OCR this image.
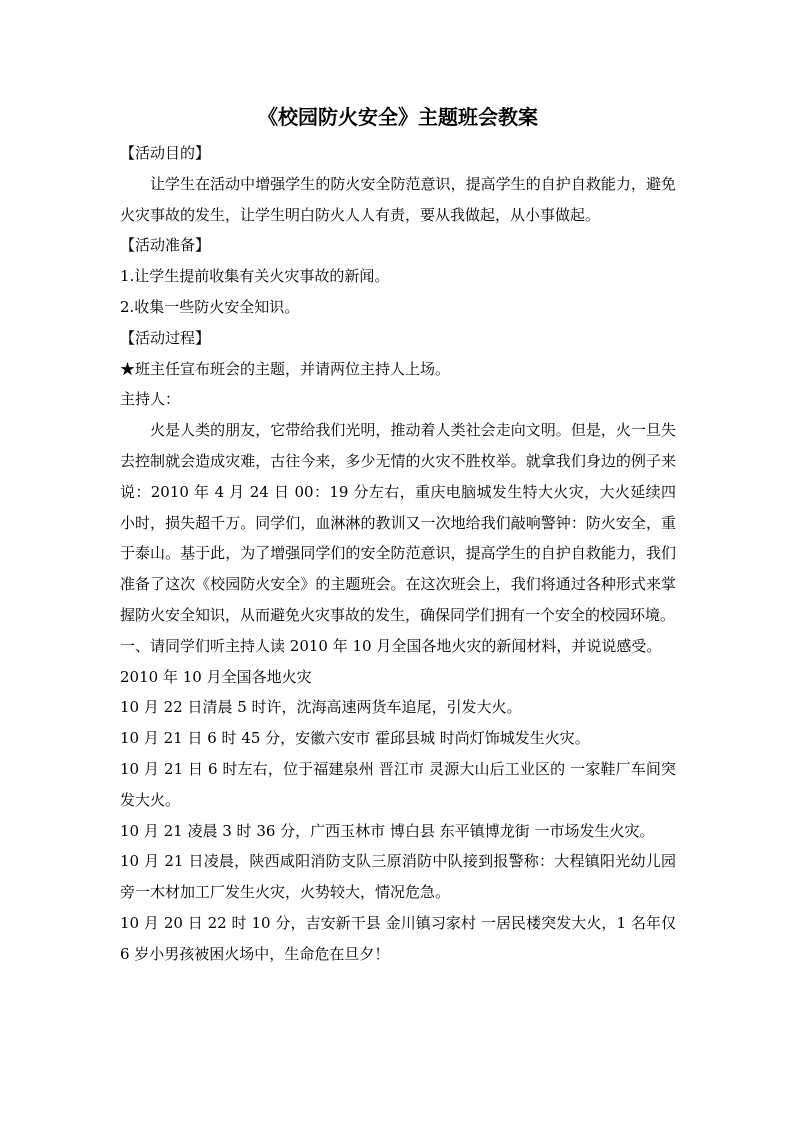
《校园防火安全》主题班会教案

【活动目的】

让学生在活动中增强学生的防火安全防范意识，提高学生的自护自救能力，避免火灾事故的发生，让学生明白防火人人有责，要从我做起，从小事做起。

【活动准备】

1.让学生提前收集有关火灾事故的新闻。

2.收集一些防火安全知识。

【活动过程】

★班主任宣布班会的主题，并请两位主持人上场。

主持人：

火是人类的朋友，它带给我们光明，推动着人类社会走向文明。但是，火一旦失去控制就会造成灾难，古往今来，多少无情的火灾不胜枚举。就拿我们身边的例子来说：2010 年 4 月 24 日 00：19 分左右，重庆电脑城发生特大火灾，大火延续四小时，损失超千万。同学们，血淋淋的教训又一次地给我们敲响警钟：防火安全，重于泰山。基于此，为了增强同学们的安全防范意识，提高学生的自护自救能力，我们准备了这次《校园防火安全》的主题班会。在这次班会上，我们将通过各种形式来掌握防火安全知识，从而避免火灾事故的发生，确保同学们拥有一个安全的校园环境。

一、请同学们听主持人读 2010 年 10 月全国各地火灾的新闻材料，并说说感受。

2010 年 10 月全国各地火灾

10 月 22 日清晨 5 时许，沈海高速两货车追尾，引发大火。

10 月 21 日 6 时 45 分，安徽六安市 霍邱县城 时尚灯饰城发生火灾。

10 月 21 日 6 时左右，位于福建泉州 晋江市 灵源大山后工业区的 一家鞋厂车间突发大火。

10 月 21 凌晨 3 时 36 分，广西玉林市 博白县 东平镇博龙街 一市场发生火灾。

10 月 21 日凌晨，陕西咸阳消防支队三原消防中队接到报警称：大程镇阳光幼儿园旁一木材加工厂发生火灾，火势较大，情况危急。

10 月 20 日 22 时 10 分，吉安新干县 金川镇习家村 一居民楼突发大火，1 名年仅 6 岁小男孩被困火场中，生命危在旦夕！
